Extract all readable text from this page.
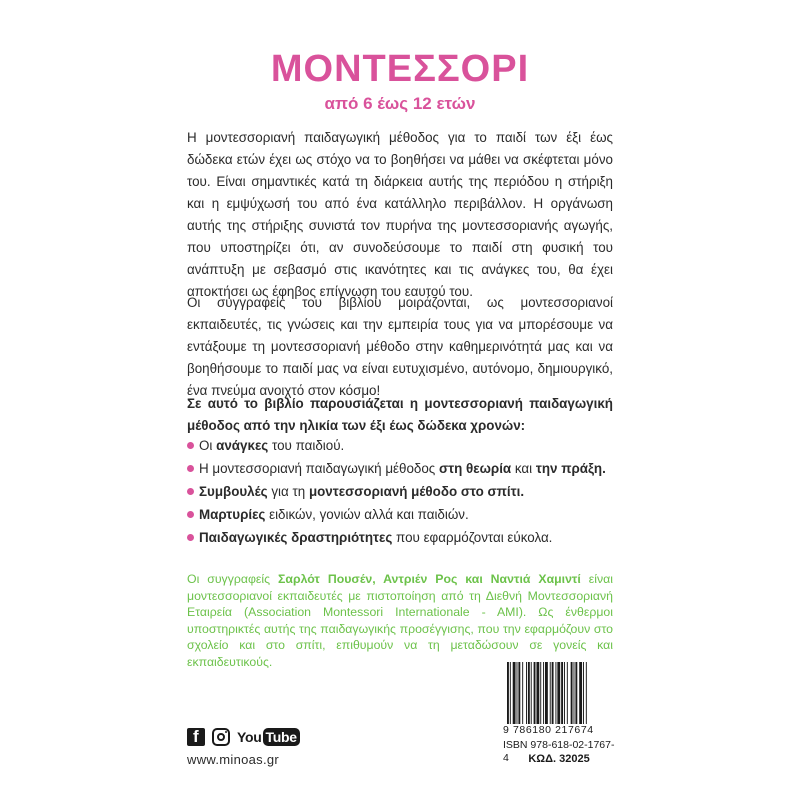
ΜΟΝΤΕΣΣΟΡΙ
από 6 έως 12 ετών
Η μοντεσσοριανή παιδαγωγική μέθοδος για το παιδί των έξι έως δώδεκα ετών έχει ως στόχο να το βοηθήσει να μάθει να σκέφτεται μόνο του. Είναι σημαντικές κατά τη διάρκεια αυτής της περιόδου η στήριξη και η εμψύχωσή του από ένα κατάλληλο περιβάλλον. Η οργάνωση αυτής της στήριξης συνιστά τον πυρήνα της μοντεσσοριανής αγωγής, που υποστηρίζει ότι, αν συνοδεύσουμε το παιδί στη φυσική του ανάπτυξη με σεβασμό στις ικανότητες και τις ανάγκες του, θα έχει αποκτήσει ως έφηβος επίγνωση του εαυτού του.
Οι συγγραφείς του βιβλίου μοιράζονται, ως μοντεσσοριανοί εκπαιδευτές, τις γνώσεις και την εμπειρία τους για να μπορέσουμε να εντάξουμε τη μοντεσσοριανή μέθοδο στην καθημερινότητά μας και να βοηθήσουμε το παιδί μας να είναι ευτυχισμένο, αυτόνομο, δημιουργικό, ένα πνεύμα ανοιχτό στον κόσμο!
Σε αυτό το βιβλίο παρουσιάζεται η μοντεσσοριανή παιδαγωγική μέθοδος από την ηλικία των έξι έως δώδεκα χρονών:
Οι ανάγκες του παιδιού.
Η μοντεσσοριανή παιδαγωγική μέθοδος στη θεωρία και την πράξη.
Συμβουλές για τη μοντεσσοριανή μέθοδο στο σπίτι.
Μαρτυρίες ειδικών, γονιών αλλά και παιδιών.
Παιδαγωγικές δραστηριότητες που εφαρμόζονται εύκολα.
Οι συγγραφείς Σαρλότ Πουσέν, Αντριέν Ρος και Ναντιά Χαμιντί είναι μοντεσσοριανοί εκπαιδευτές με πιστοποίηση από τη Διεθνή Μοντεσσοριανή Εταιρεία (Association Montessori Internationale - AMI). Ως ένθερμοι υποστηρικτές αυτής της παιδαγωγικής προσέγγισης, που την εφαρμόζουν στο σχολείο και στο σπίτι, επιθυμούν να τη μεταδώσουν σε γονείς και εκπαιδευτικούς.
f
You Tube
www.minoas.gr
9 786180 217674
ISBN 978-618-02-1767-4	ΚΩΔ. 32025
